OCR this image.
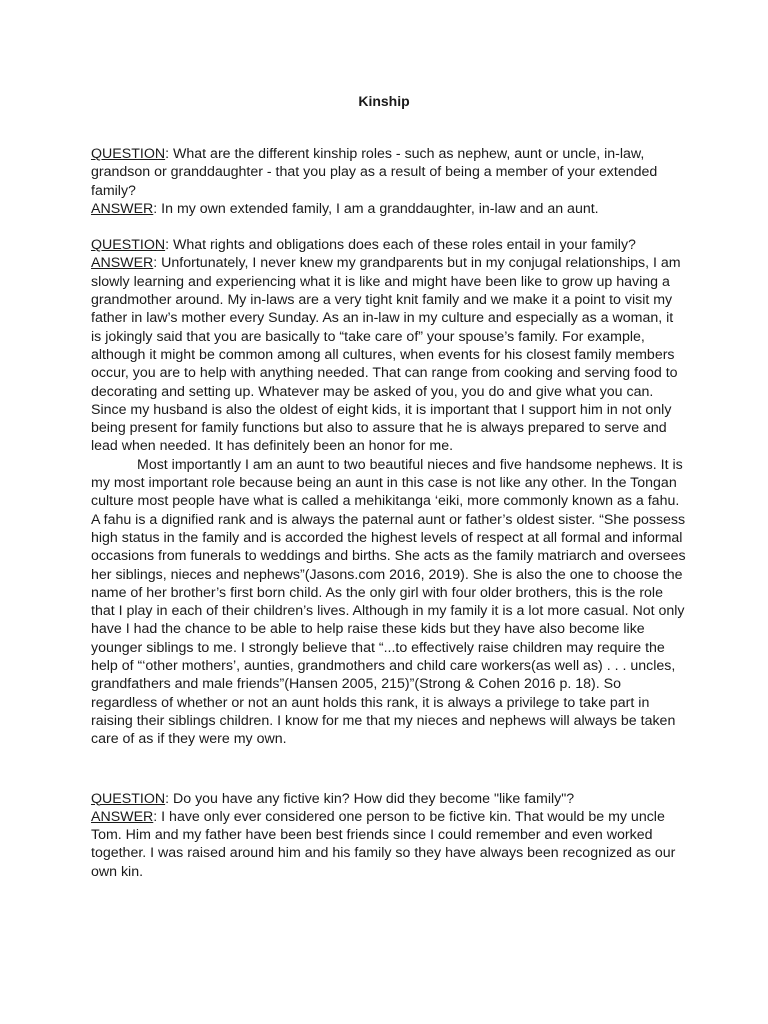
Kinship

QUESTION: What are the different kinship roles - such as nephew, aunt or uncle, in-law, grandson or granddaughter - that you play as a result of being a member of your extended family?

ANSWER: In my own extended family, I am a granddaughter, in-law and an aunt.

QUESTION: What rights and obligations does each of these roles entail in your family?

ANSWER: Unfortunately, I never knew my grandparents but in my conjugal relationships, I am slowly learning and experiencing what it is like and might have been like to grow up having a grandmother around. My in-laws are a very tight knit family and we make it a point to visit my father in law’s mother every Sunday. As an in-law in my culture and especially as a woman, it is jokingly said that you are basically to “take care of” your spouse’s family. For example, although it might be common among all cultures, when events for his closest family members occur, you are to help with anything needed. That can range from cooking and serving food to decorating and setting up. Whatever may be asked of you, you do and give what you can. Since my husband is also the oldest of eight kids, it is important that I support him in not only being present for family functions but also to assure that he is always prepared to serve and lead when needed. It has definitely been an honor for me.

Most importantly I am an aunt to two beautiful nieces and five handsome nephews. It is my most important role because being an aunt in this case is not like any other. In the Tongan culture most people have what is called a mehikitanga ‘eiki, more commonly known as a fahu. A fahu is a dignified rank and is always the paternal aunt or father’s oldest sister. “She possess high status in the family and is accorded the highest levels of respect at all formal and informal occasions from funerals to weddings and births. She acts as the family matriarch and oversees her siblings, nieces and nephews”(Jasons.com 2016, 2019). She is also the one to choose the name of her brother’s first born child. As the only girl with four older brothers, this is the role that I play in each of their children’s lives. Although in my family it is a lot more casual. Not only have I had the chance to be able to help raise these kids but they have also become like younger siblings to me. I strongly believe that “...to effectively raise children may require the help of “‘other mothers’, aunties, grandmothers and child care workers(as well as) . . . uncles, grandfathers and male friends”(Hansen 2005, 215)”(Strong & Cohen 2016 p. 18). So regardless of whether or not an aunt holds this rank, it is always a privilege to take part in raising their siblings children. I know for me that my nieces and nephews will always be taken care of as if they were my own.

QUESTION: Do you have any fictive kin? How did they become "like family"?

ANSWER: I have only ever considered one person to be fictive kin. That would be my uncle Tom. Him and my father have been best friends since I could remember and even worked together. I was raised around him and his family so they have always been recognized as our own kin.
